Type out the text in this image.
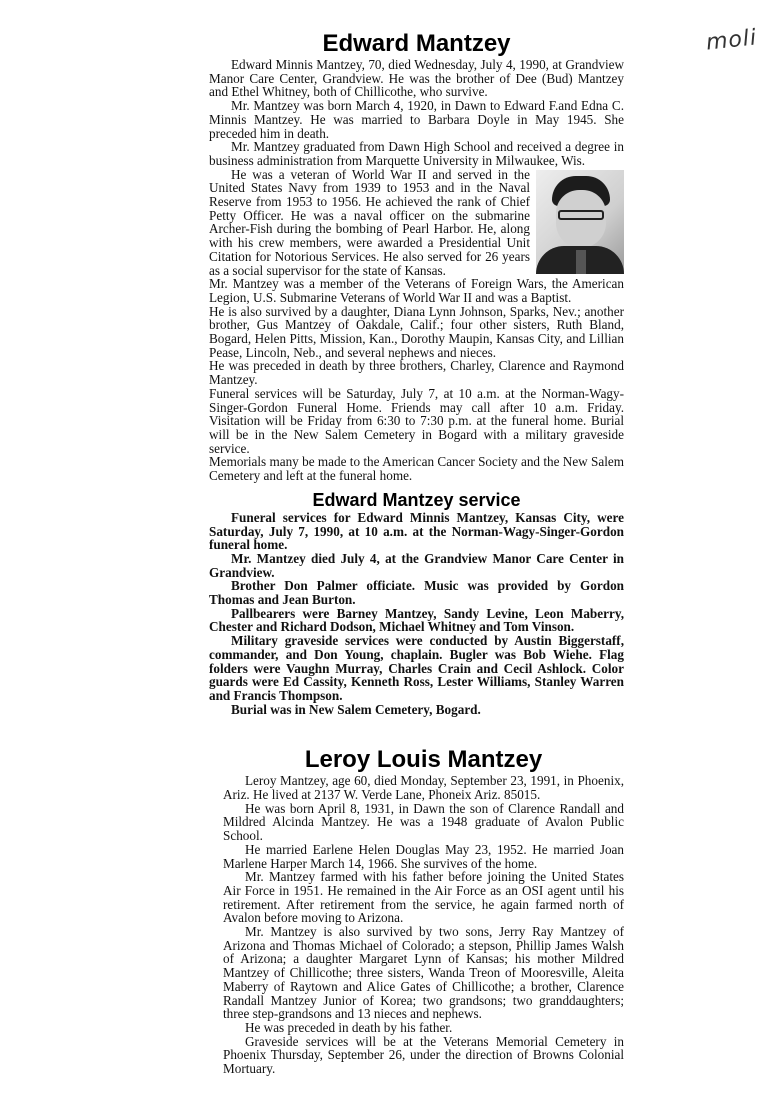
moli
Edward Mantzey

Edward Minnis Mantzey, 70, died Wednesday, July 4, 1990, at Grandview Manor Care Center, Grandview. He was the brother of Dee (Bud) Mantzey and Ethel Whitney, both of Chillicothe, who survive.

Mr. Mantzey was born March 4, 1920, in Dawn to Edward F.and Edna C. Minnis Mantzey. He was married to Barbara Doyle in May 1945. She preceded him in death.

Mr. Mantzey graduated from Dawn High School and received a degree in business administration from Marquette University in Milwaukee, Wis.

He was a veteran of World War II and served in the United States Navy from 1939 to 1953 and in the Naval Reserve from 1953 to 1956. He achieved the rank of Chief Petty Officer. He was a naval officer on the submarine Archer-Fish during the bombing of Pearl Harbor. He, along with his crew members, were awarded a Presidential Unit Citation for Notorious Services. He also served for 26 years as a social supervisor for the state of Kansas.

Mr. Mantzey was a member of the Veterans of Foreign Wars, the American Legion, U.S. Submarine Veterans of World War II and was a Baptist.

He is also survived by a daughter, Diana Lynn Johnson, Sparks, Nev.; another brother, Gus Mantzey of Oakdale, Calif.; four other sisters, Ruth Bland, Bogard, Helen Pitts, Mission, Kan., Dorothy Maupin, Kansas City, and Lillian Pease, Lincoln, Neb., and several nephews and nieces.

He was preceded in death by three brothers, Charley, Clarence and Raymond Mantzey.

Funeral services will be Saturday, July 7, at 10 a.m. at the Norman-Wagy-Singer-Gordon Funeral Home. Friends may call after 10 a.m. Friday. Visitation will be Friday from 6:30 to 7:30 p.m. at the funeral home. Burial will be in the New Salem Cemetery in Bogard with a military graveside service.

Memorials many be made to the American Cancer Society and the New Salem Cemetery and left at the funeral home.

Edward Mantzey service

Funeral services for Edward Minnis Mantzey, Kansas City, were Saturday, July 7, 1990, at 10 a.m. at the Norman-Wagy-Singer-Gordon funeral home.

Mr. Mantzey died July 4, at the Grandview Manor Care Center in Grandview.

Brother Don Palmer officiate. Music was provided by Gordon Thomas and Jean Burton.

Pallbearers were Barney Mantzey, Sandy Levine, Leon Maberry, Chester and Richard Dodson, Michael Whitney and Tom Vinson.

Military graveside services were conducted by Austin Biggerstaff, commander, and Don Young, chaplain. Bugler was Bob Wiehe. Flag folders were Vaughn Murray, Charles Crain and Cecil Ashlock. Color guards were Ed Cassity, Kenneth Ross, Lester Williams, Stanley Warren and Francis Thompson.

Burial was in New Salem Cemetery, Bogard.

Leroy Louis Mantzey

Leroy Mantzey, age 60, died Monday, September 23, 1991, in Phoenix, Ariz. He lived at 2137 W. Verde Lane, Phoneix Ariz. 85015.

He was born April 8, 1931, in Dawn the son of Clarence Randall and Mildred Alcinda Mantzey. He was a 1948 graduate of Avalon Public School.

He married Earlene Helen Douglas May 23, 1952. He married Joan Marlene Harper March 14, 1966. She survives of the home.

Mr. Mantzey farmed with his father before joining the United States Air Force in 1951. He remained in the Air Force as an OSI agent until his retirement. After retirement from the service, he again farmed north of Avalon before moving to Arizona.

Mr. Mantzey is also survived by two sons, Jerry Ray Mantzey of Arizona and Thomas Michael of Colorado; a stepson, Phillip James Walsh of Arizona; a daughter Margaret Lynn of Kansas; his mother Mildred Mantzey of Chillicothe; three sisters, Wanda Treon of Mooresville, Aleita Maberry of Raytown and Alice Gates of Chillicothe; a brother, Clarence Randall Mantzey Junior of Korea; two grandsons; two granddaughters; three step-grandsons and 13 nieces and nephews.

He was preceded in death by his father.

Graveside services will be at the Veterans Memorial Cemetery in Phoenix Thursday, September 26, under the direction of Browns Colonial Mortuary.
